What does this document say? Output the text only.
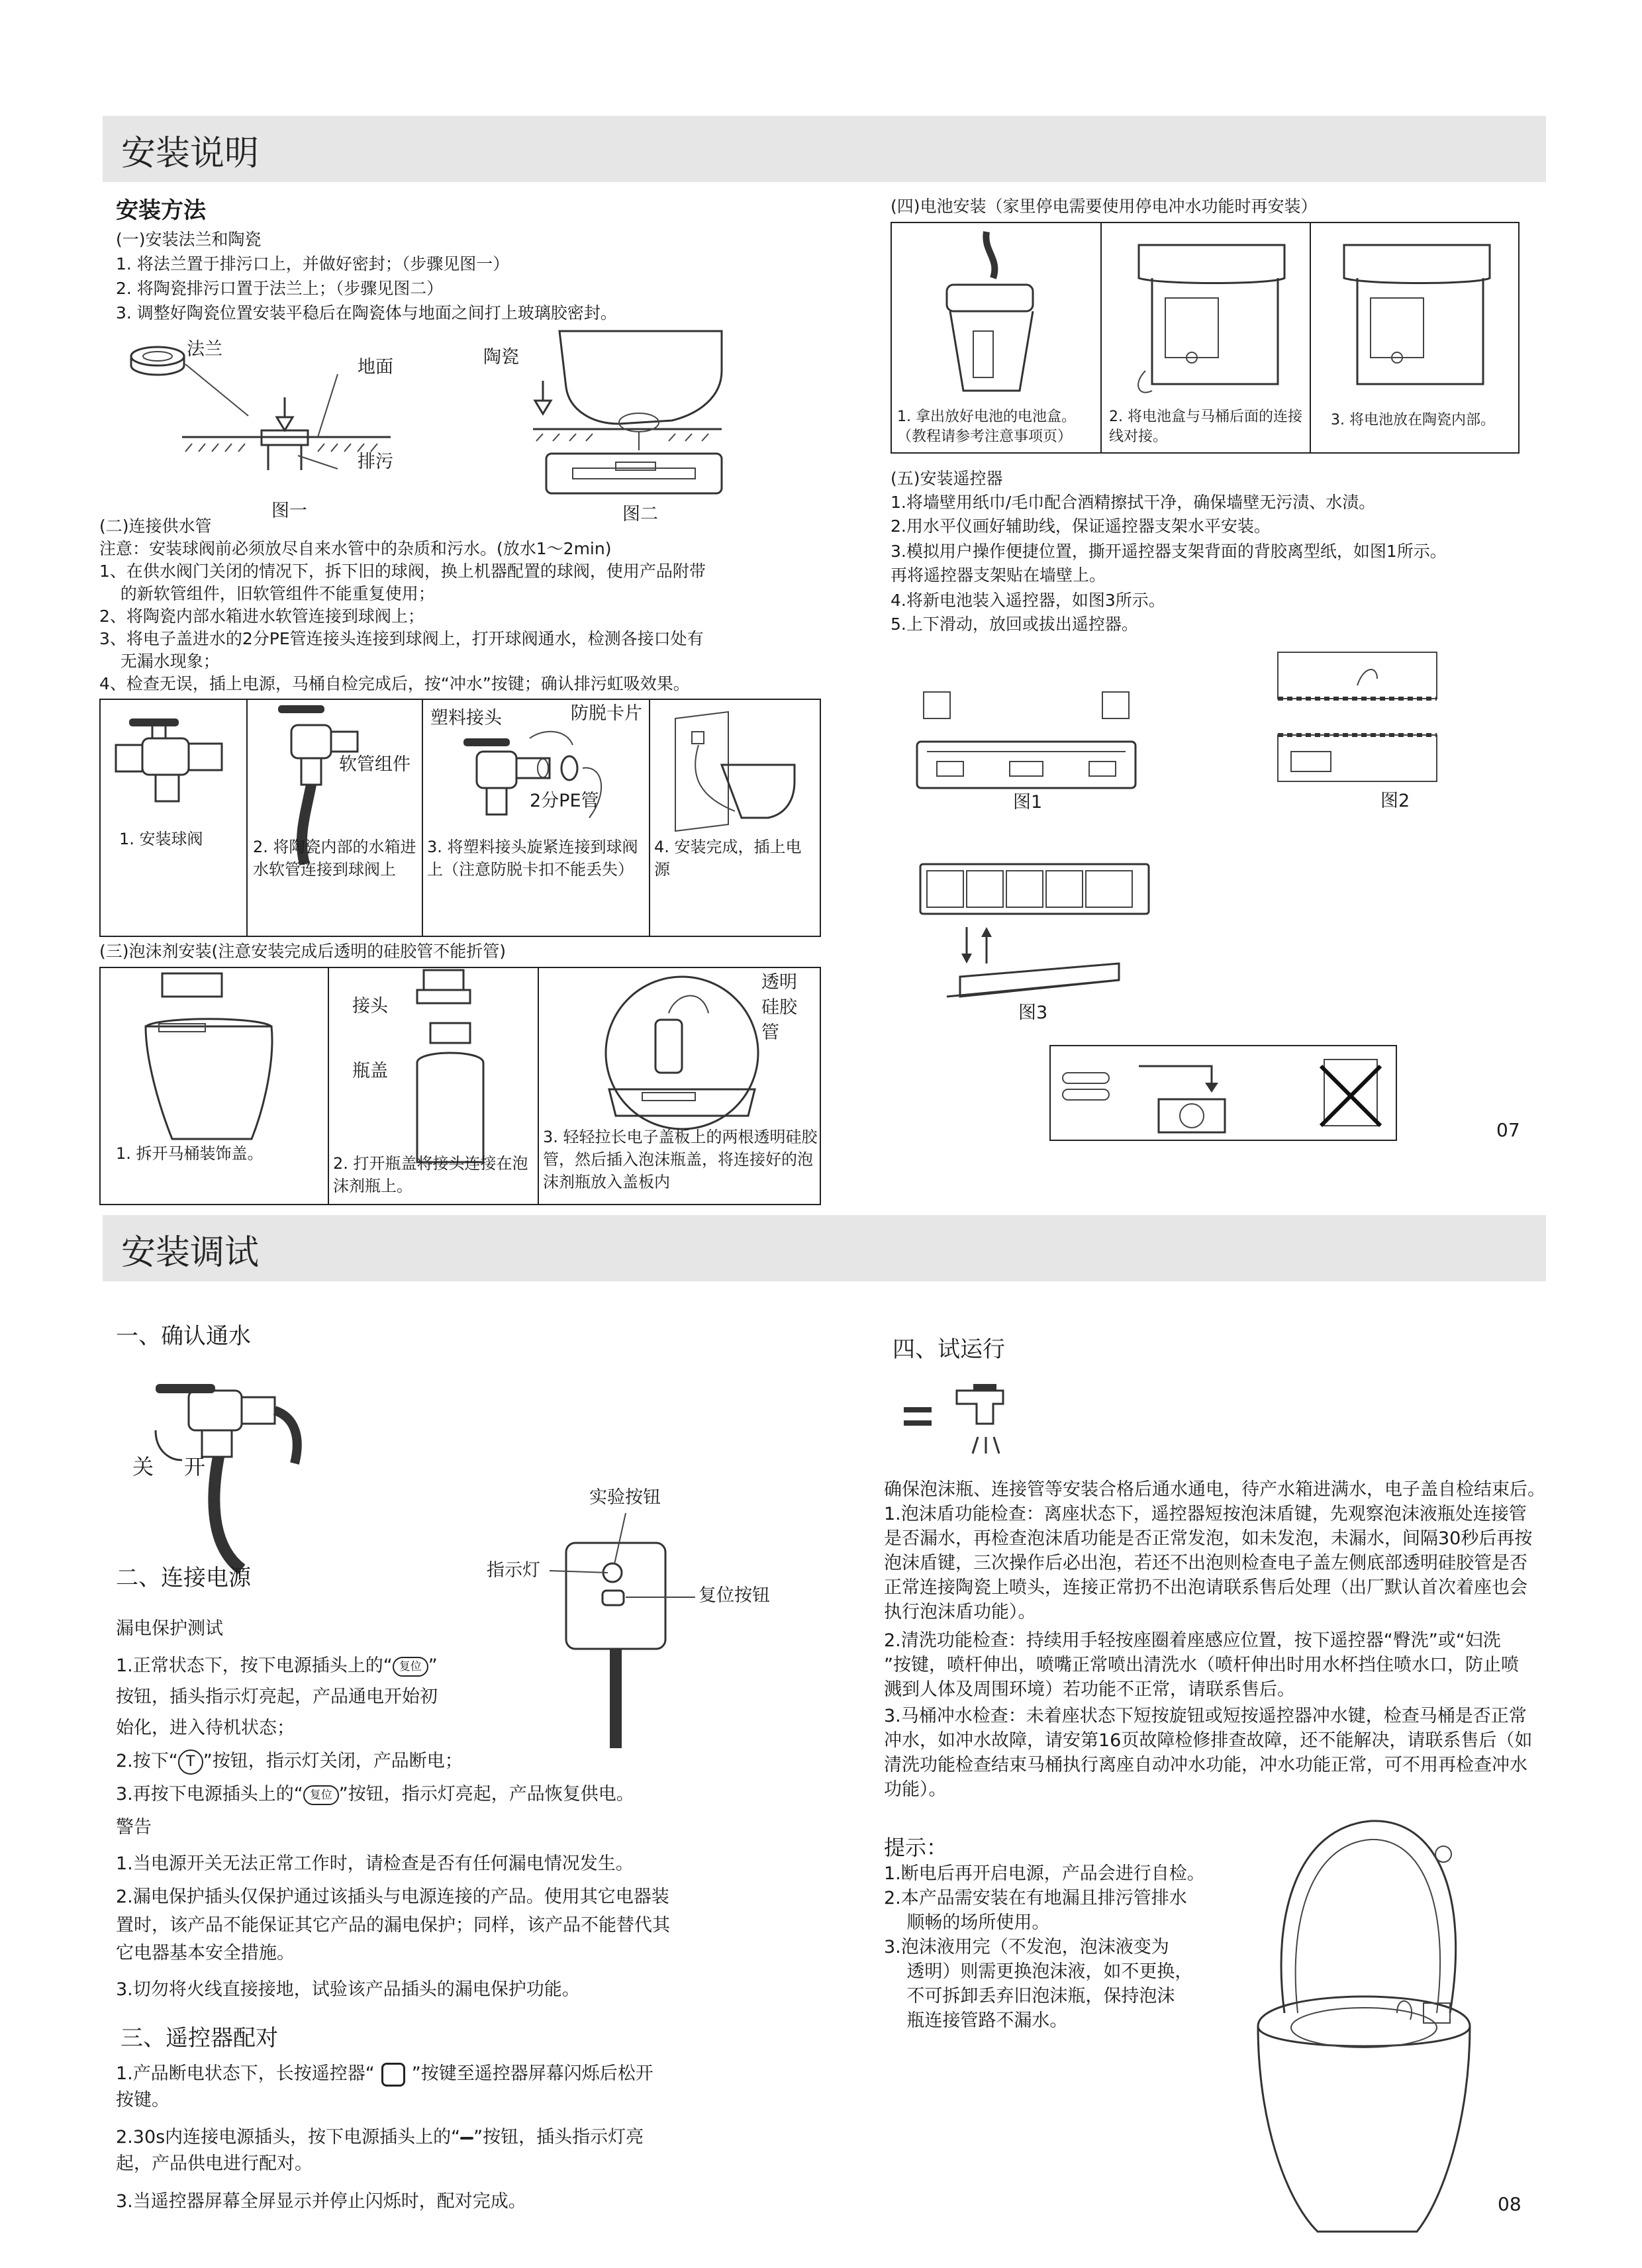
安装说明
安装方法
(一)安装法兰和陶瓷
1. 将法兰置于排污口上，并做好密封；（步骤见图一）
2. 将陶瓷排污口置于法兰上；（步骤见图二）
3. 调整好陶瓷位置安装平稳后在陶瓷体与地面之间打上玻璃胶密封。
法兰
地面
排污
图一
陶瓷
图二
(二)连接供水管
注意：安装球阀前必须放尽自来水管中的杂质和污水。(放水1～2min)
1、在供水阀门关闭的情况下，拆下旧的球阀，换上机器配置的球阀，使用产品附带
的新软管组件，旧软管组件不能重复使用；
2、将陶瓷内部水箱进水软管连接到球阀上；
3、将电子盖进水的2分PE管连接头连接到球阀上，打开球阀通水，检测各接口处有
无漏水现象；
4、检查无误，插上电源，马桶自检完成后，按“冲水”按键；确认排污虹吸效果。
软管组件
塑料接头	防脱卡片
2分PE管
1. 安装球阀	2. 将陶瓷内部的水箱进水软管连接到球阀上
3. 将塑料接头旋紧连接到球阀上（注意防脱卡扣不能丢失）
4. 安装完成，插上电源
(三)泡沫剂安装(注意安装完成后透明的硅胶管不能折管)
1. 拆开马桶装饰盖。
接头
瓶盖
2. 打开瓶盖将接头连接在泡沫剂瓶上。
透明硅胶管
3. 轻轻拉长电子盖板上的两根透明硅胶管，然后插入泡沫瓶盖，将连接好的泡沫剂瓶放入盖板内
(四)电池安装（家里停电需要使用停电冲水功能时再安装）
1. 拿出放好电池的电池盒。（教程请参考注意事项页）
2. 将电池盒与马桶后面的连接线对接。
3. 将电池放在陶瓷内部。
(五)安装遥控器
1.将墙壁用纸巾/毛巾配合酒精擦拭干净，确保墙壁无污渍、水渍。
2.用水平仪画好辅助线，保证遥控器支架水平安装。
3.模拟用户操作便捷位置，撕开遥控器支架背面的背胶离型纸，如图1所示。
再将遥控器支架贴在墙壁上。
4.将新电池装入遥控器，如图3所示。
5.上下滑动，放回或拔出遥控器。
图1	图2
图3
07
安装调试
一、确认通水
关 开
二、连接电源
实验按钮
指示灯
复位按钮
漏电保护测试
1.正常状态下，按下电源插头上的“ 复位 ”
按钮，插头指示灯亮起，产品通电开始初
始化，进入待机状态；
2.按下“ T ”按钮，指示灯关闭，产品断电；
3.再按下电源插头上的“ 复位 ”按钮，指示灯亮起，产品恢复供电。
警告
1.当电源开关无法正常工作时，请检查是否有任何漏电情况发生。
2.漏电保护插头仅保护通过该插头与电源连接的产品。使用其它电器装
置时，该产品不能保证其它产品的漏电保护；同样，该产品不能替代其
它电器基本安全措施。
3.切勿将火线直接接地，试验该产品插头的漏电保护功能。
三、遥控器配对
1.产品断电状态下，长按遥控器“ ”按键至遥控器屏幕闪烁后松开
按键。
2.30s内连接电源插头，按下电源插头上的“ ”按钮，插头指示灯亮
起，产品供电进行配对。
3.当遥控器屏幕全屏显示并停止闪烁时，配对完成。
四、试运行
确保泡沫瓶、连接管等安装合格后通水通电，待产水箱进满水，电子盖自检结束后。
1.泡沫盾功能检查：离座状态下，遥控器短按泡沫盾键，先观察泡沫液瓶处连接管
是否漏水，再检查泡沫盾功能是否正常发泡，如未发泡，未漏水，间隔30秒后再按
泡沫盾键，三次操作后必出泡，若还不出泡则检查电子盖左侧底部透明硅胶管是否
正常连接陶瓷上喷头，连接正常扔不出泡请联系售后处理（出厂默认首次着座也会
执行泡沫盾功能）。
2.清洗功能检查：持续用手轻按座圈着座感应位置，按下遥控器“臀洗”或“妇洗
”按键，喷杆伸出，喷嘴正常喷出清洗水（喷杆伸出时用水杯挡住喷水口，防止喷
溅到人体及周围环境）若功能不正常，请联系售后。
3.马桶冲水检查：未着座状态下短按旋钮或短按遥控器冲水键，检查马桶是否正常
冲水，如冲水故障，请安第16页故障检修排查故障，还不能解决，请联系售后（如
清洗功能检查结束马桶执行离座自动冲水功能，冲水功能正常，可不用再检查冲水
功能）。
提示：
1.断电后再开启电源，产品会进行自检。
2.本产品需安装在有地漏且排污管排水
顺畅的场所使用。
3.泡沫液用完（不发泡，泡沫液变为
透明）则需更换泡沫液，如不更换，
不可拆卸丢弃旧泡沫瓶，保持泡沫
瓶连接管路不漏水。
08
